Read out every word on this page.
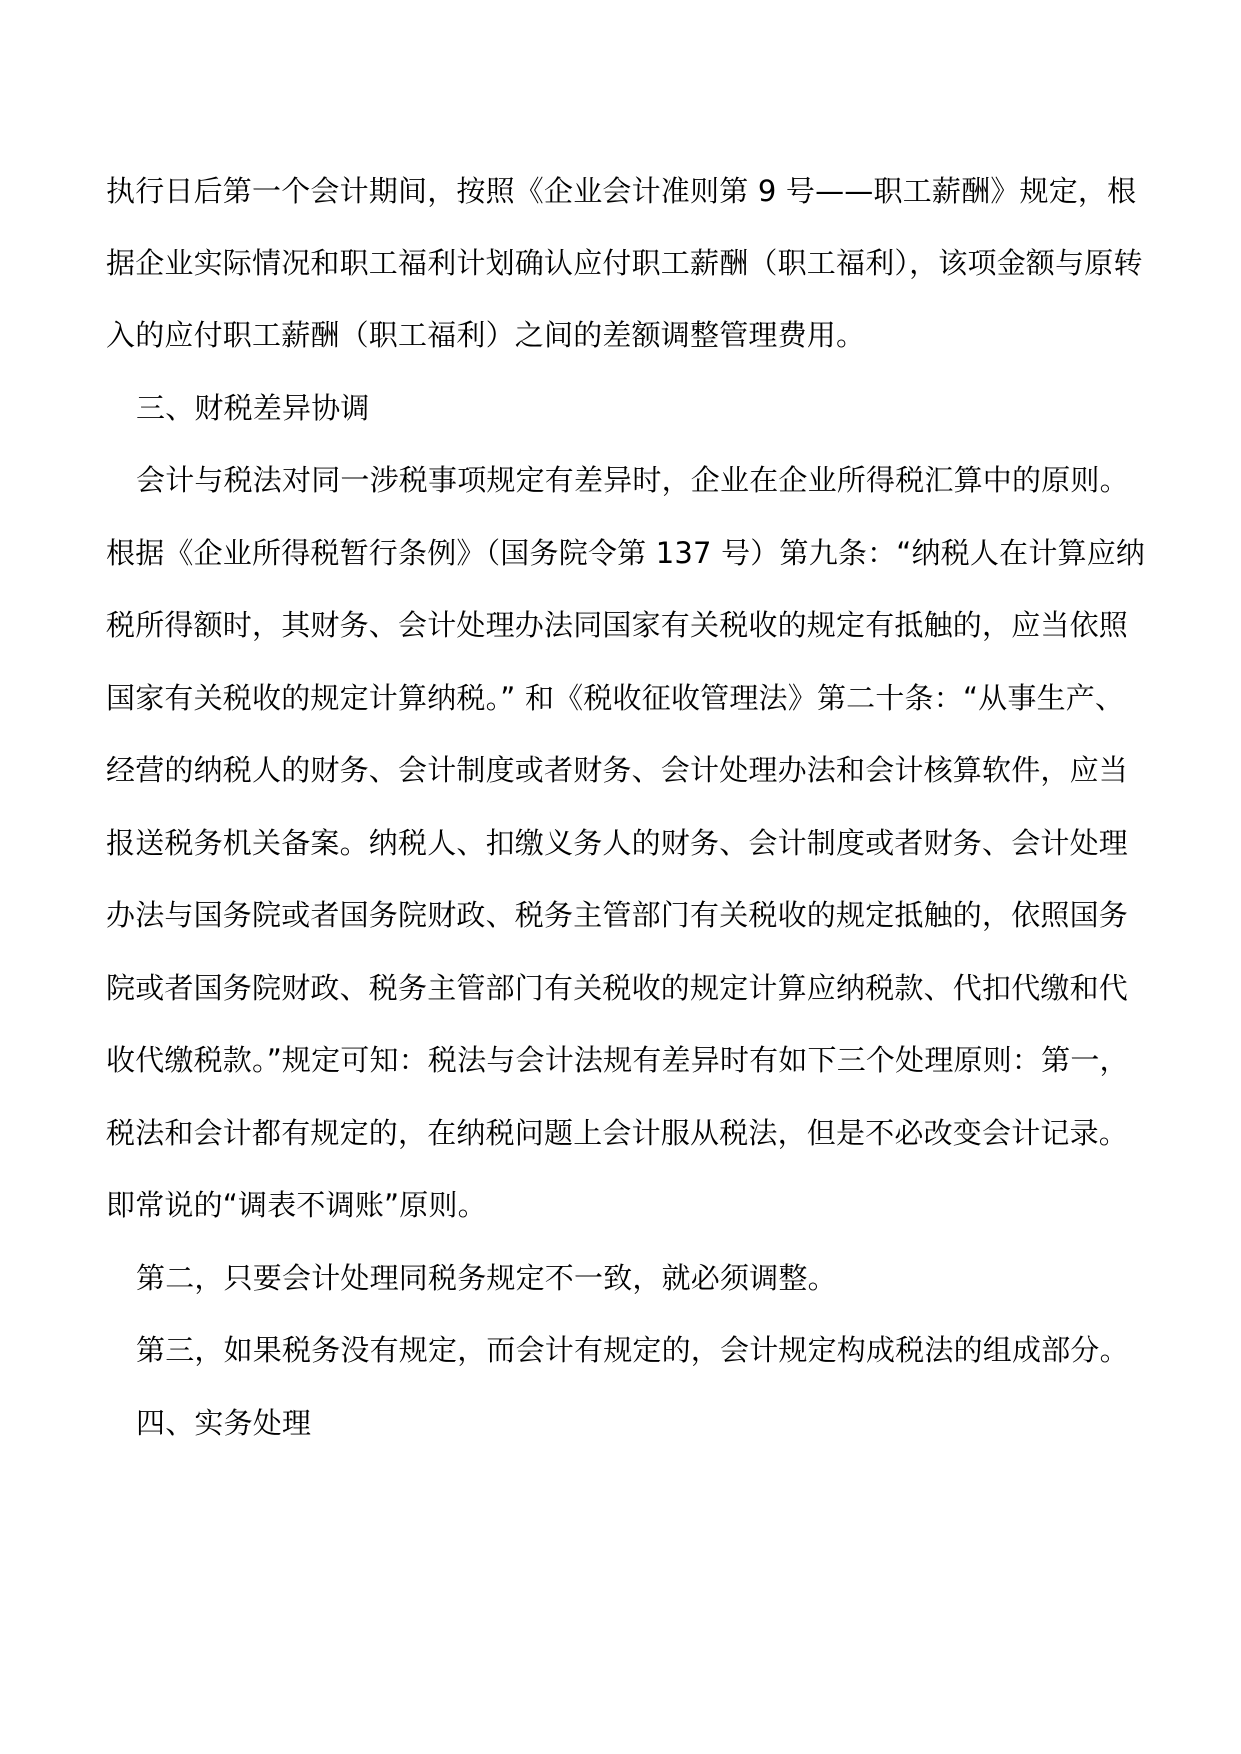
执行日后第一个会计期间，按照《企业会计准则第 9 号——职工薪酬》规定，根
据企业实际情况和职工福利计划确认应付职工薪酬（职工福利），该项金额与原转
入的应付职工薪酬（职工福利）之间的差额调整管理费用。
三、财税差异协调
会计与税法对同一涉税事项规定有差异时，企业在企业所得税汇算中的原则。
根据《企业所得税暂行条例》（国务院令第 137 号）第九条：“纳税人在计算应纳
税所得额时，其财务、会计处理办法同国家有关税收的规定有抵触的，应当依照
国家有关税收的规定计算纳税。” 和《税收征收管理法》第二十条：“从事生产、
经营的纳税人的财务、会计制度或者财务、会计处理办法和会计核算软件，应当
报送税务机关备案。纳税人、扣缴义务人的财务、会计制度或者财务、会计处理
办法与国务院或者国务院财政、税务主管部门有关税收的规定抵触的，依照国务
院或者国务院财政、税务主管部门有关税收的规定计算应纳税款、代扣代缴和代
收代缴税款。”规定可知：税法与会计法规有差异时有如下三个处理原则：第一，
税法和会计都有规定的，在纳税问题上会计服从税法，但是不必改变会计记录。
即常说的“调表不调账”原则。
第二，只要会计处理同税务规定不一致，就必须调整。
第三，如果税务没有规定，而会计有规定的，会计规定构成税法的组成部分。
四、实务处理
